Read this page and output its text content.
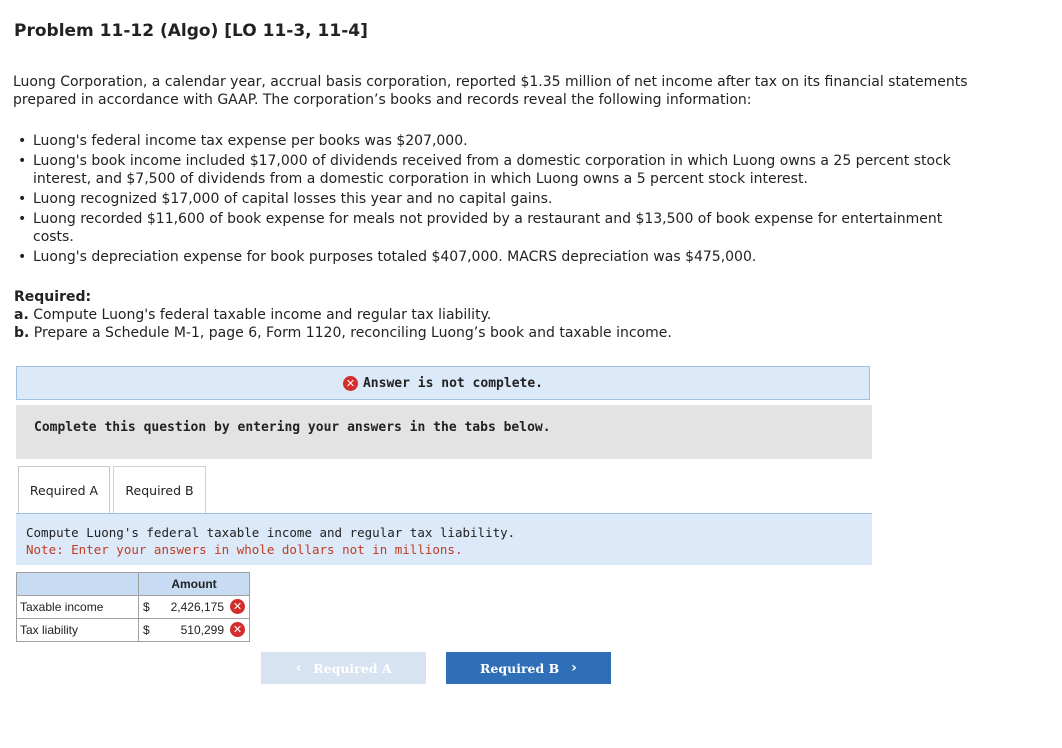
Problem 11-12 (Algo) [LO 11-3, 11-4]
Luong Corporation, a calendar year, accrual basis corporation, reported $1.35 million of net income after tax on its financial statements prepared in accordance with GAAP. The corporation’s books and records reveal the following information:
• Luong's federal income tax expense per books was $207,000.
• Luong's book income included $17,000 of dividends received from a domestic corporation in which Luong owns a 25 percent stock interest, and $7,500 of dividends from a domestic corporation in which Luong owns a 5 percent stock interest.
• Luong recognized $17,000 of capital losses this year and no capital gains.
• Luong recorded $11,600 of book expense for meals not provided by a restaurant and $13,500 of book expense for entertainment costs.
• Luong's depreciation expense for book purposes totaled $407,000. MACRS depreciation was $475,000.
Required:
a. Compute Luong's federal taxable income and regular tax liability.
b. Prepare a Schedule M-1, page 6, Form 1120, reconciling Luong’s book and taxable income.
✕ Answer is not complete.
Complete this question by entering your answers in the tabs below.
Required A	Required B
Compute Luong's federal taxable income and regular tax liability.
Note: Enter your answers in whole dollars not in millions.
	Amount
Taxable income	$ 2,426,175 ✕

Tax liability	$ 510,299 ✕
‹ Required A	Required B ›
